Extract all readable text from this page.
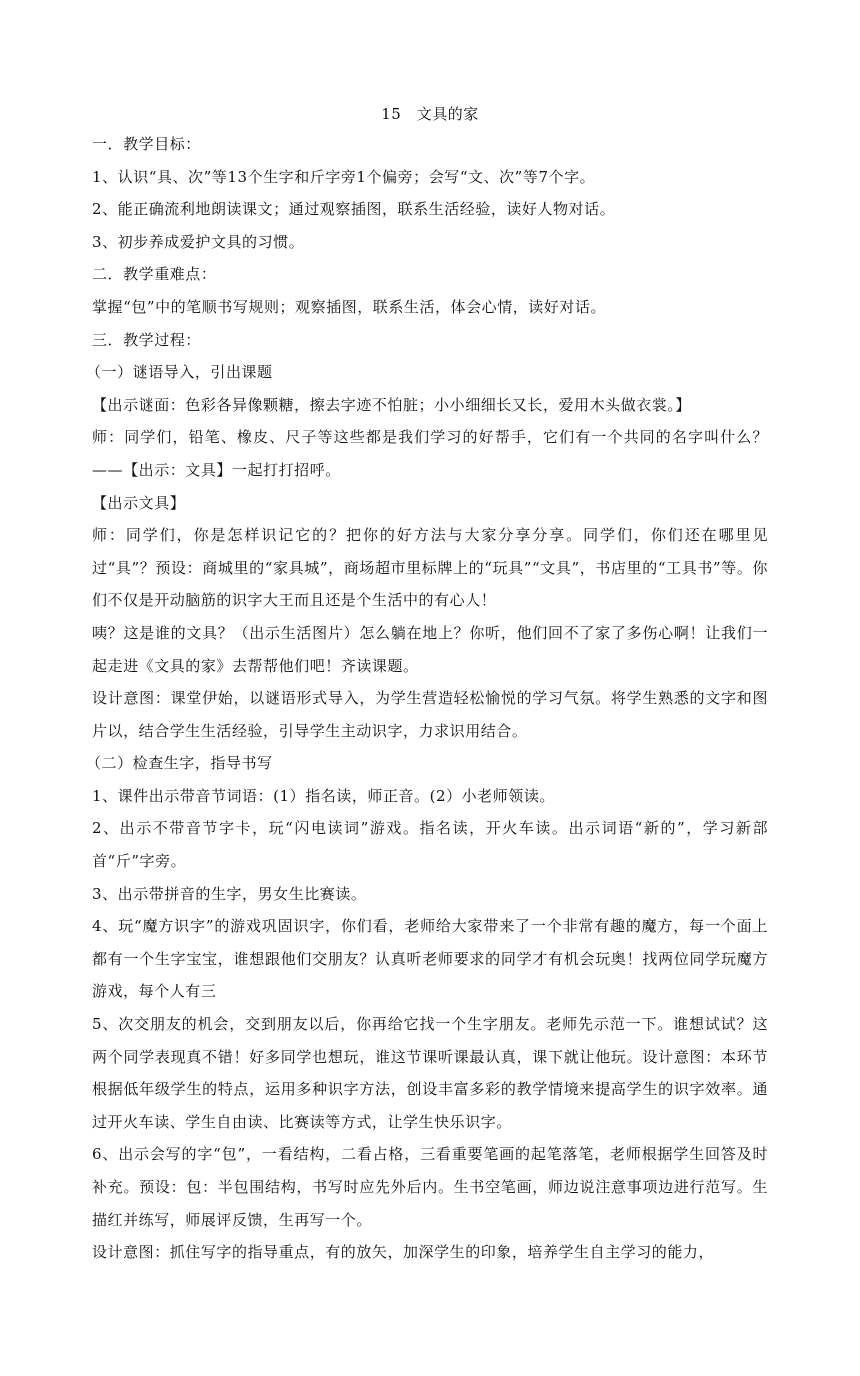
15　文具的家

一．教学目标：

1、认识“具、次”等13个生字和斤字旁1个偏旁；会写“文、次”等7个字。

2、能正确流利地朗读课文；通过观察插图，联系生活经验，读好人物对话。

3、初步养成爱护文具的习惯。

二．教学重难点：

掌握“包”中的笔顺书写规则；观察插图，联系生活，体会心情，读好对话。

三．教学过程：

（一）谜语导入，引出课题

【出示谜面：色彩各异像颗糖，擦去字迹不怕脏；小小细细长又长，爱用木头做衣裳。】

师：同学们，铅笔、橡皮、尺子等这些都是我们学习的好帮手，它们有一个共同的名字叫什么？——【出示：文具】一起打打招呼。

【出示文具】

师：同学们，你是怎样识记它的？把你的好方法与大家分享分享。同学们，你们还在哪里见过“具”？预设：商城里的“家具城”，商场超市里标牌上的“玩具”“文具”，书店里的“工具书”等。你们不仅是开动脑筋的识字大王而且还是个生活中的有心人！

咦？这是谁的文具？（出示生活图片）怎么躺在地上？你听，他们回不了家了多伤心啊！让我们一起走进《文具的家》去帮帮他们吧！齐读课题。

设计意图：课堂伊始，以谜语形式导入，为学生营造轻松愉悦的学习气氛。将学生熟悉的文字和图片以，结合学生生活经验，引导学生主动识字，力求识用结合。

（二）检查生字，指导书写

1、课件出示带音节词语：(1）指名读，师正音。(2）小老师领读。

2、出示不带音节字卡，玩“闪电读词”游戏。指名读，开火车读。出示词语“新的”，学习新部首“斤”字旁。

3、出示带拼音的生字，男女生比赛读。

4、玩“魔方识字”的游戏巩固识字，你们看，老师给大家带来了一个非常有趣的魔方，每一个面上都有一个生字宝宝，谁想跟他们交朋友？认真听老师要求的同学才有机会玩奥！找两位同学玩魔方游戏，每个人有三

5、次交朋友的机会，交到朋友以后，你再给它找一个生字朋友。老师先示范一下。谁想试试？这两个同学表现真不错！好多同学也想玩，谁这节课听课最认真，课下就让他玩。设计意图：本环节根据低年级学生的特点，运用多种识字方法，创设丰富多彩的教学情境来提高学生的识字效率。通过开火车读、学生自由读、比赛读等方式，让学生快乐识字。

6、出示会写的字“包”，一看结构，二看占格，三看重要笔画的起笔落笔，老师根据学生回答及时补充。预设：包：半包围结构，书写时应先外后内。生书空笔画，师边说注意事项边进行范写。生描红并练写，师展评反馈，生再写一个。

设计意图：抓住写字的指导重点，有的放矢，加深学生的印象，培养学生自主学习的能力，
